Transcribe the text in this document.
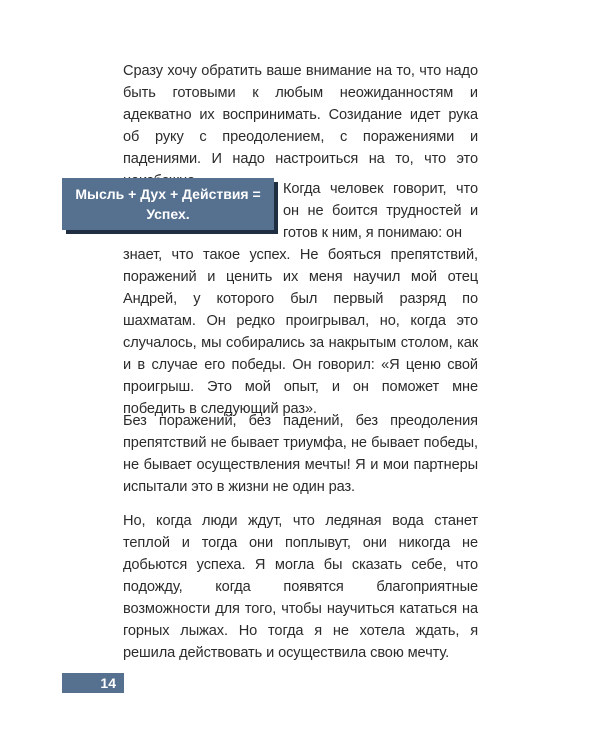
Сразу хочу обратить ваше внимание на то, что надо быть готовыми к любым неожиданностям и адекватно их воспринимать. Созидание идет рука об руку с преодолением, с поражениями и падениями. И надо настроиться на то, что это

Мысль + Дух + Действия = Успех.

Когда человек говорит, что он не боится трудностей и готов к ним, я понимаю: он

знает, что такое успех. Не бояться препятствий, поражений и ценить их меня научил мой отец Андрей, у которого был первый разряд по шахматам. Он редко проигрывал, но, когда это случалось, мы собирались за накрытым столом, как и в случае его победы. Он говорил: «Я ценю свой проигрыш. Это мой опыт, и он поможет мне победить в следующий раз».

Без поражений, без падений, без преодоления препятствий не бывает триумфа, не бывает победы, не бывает осуществления мечты! Я и мои партнеры испытали это в жизни не один раз.

Но, когда люди ждут, что ледяная вода станет теплой и тогда они поплывут, они никогда не добьются успеха. Я могла бы сказать себе, что подожду, когда появятся благоприятные возможности для того, чтобы научиться кататься на горных лыжах. Но тогда я не хотела ждать, я решила действовать и осуществила свою мечту.

14
